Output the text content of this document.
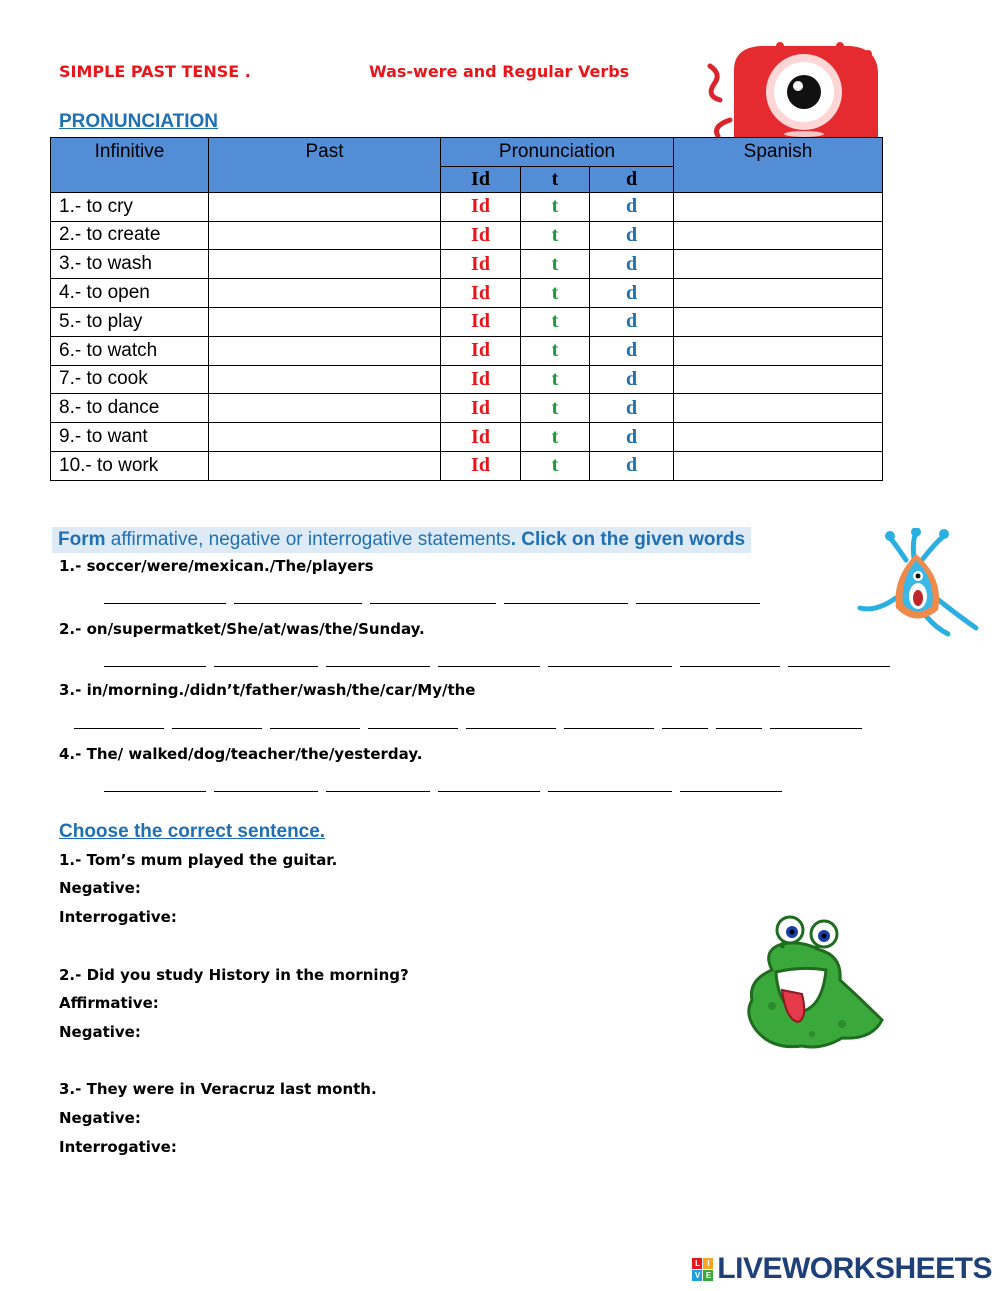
SIMPLE PAST TENSE .	Was-were and Regular Verbs
PRONUNCIATION
Infinitive	Past	Pronunciation			Spanish
		Id	t	d	
1.- to cry		Id	t	d	
2.- to create		Id	t	d	
3.- to wash		Id	t	d	
4.- to open		Id	t	d	
5.- to play		Id	t	d	
6.- to watch		Id	t	d	
7.- to cook		Id	t	d	
8.- to dance		Id	t	d	
9.- to want		Id	t	d	
10.- to work		Id	t	d	
Form affirmative, negative or interrogative statements. Click on the given words
1.- soccer/were/mexican./The/players
2.- on/supermatket/She/at/was/the/Sunday.
3.- in/morning./didn’t/father/wash/the/car/My/the
4.- The/ walked/dog/teacher/the/yesterday.
Choose the correct sentence.
1.- Tom’s mum played the guitar.
Negative:
Interrogative:
2.- Did you study History in the morning?
Affirmative:
Negative:
3.- They were in Veracruz last month.
Negative:
Interrogative:
L I
V E LIVEWORKSHEETS
